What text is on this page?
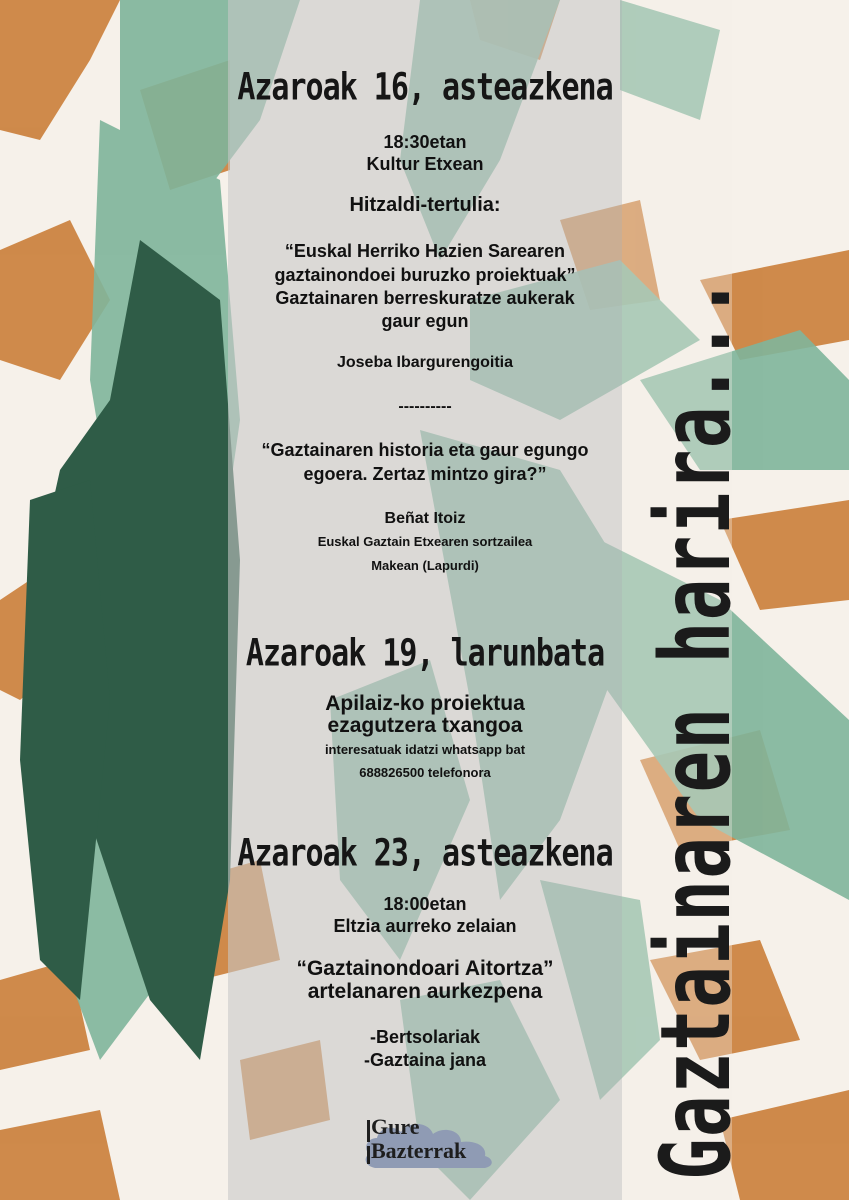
Gaztainaren harira...
Azaroak 16, asteazkena
18:30etan
Kultur Etxean
Hitzaldi-tertulia:
“Euskal Herriko Hazien Sarearen
gaztainondoei buruzko proiektuak”
Gaztainaren berreskuratze aukerak
gaur egun
Joseba Ibargurengoitia
----------
“Gaztainaren historia eta gaur egungo
egoera. Zertaz mintzo gira?”
Beñat Itoiz
Euskal Gaztain Etxearen sortzailea
Makean (Lapurdi)
Azaroak 19, larunbata
Apilaiz-ko proiektua
ezagutzera txangoa
interesatuak idatzi whatsapp bat
688826500 telefonora
Azaroak 23, asteazkena
18:00etan
Eltzia aurreko zelaian
“Gaztainondoari Aitortza”
artelanaren aurkezpena
-Bertsolariak
-Gaztaina jana
Gure
Bazterrak
